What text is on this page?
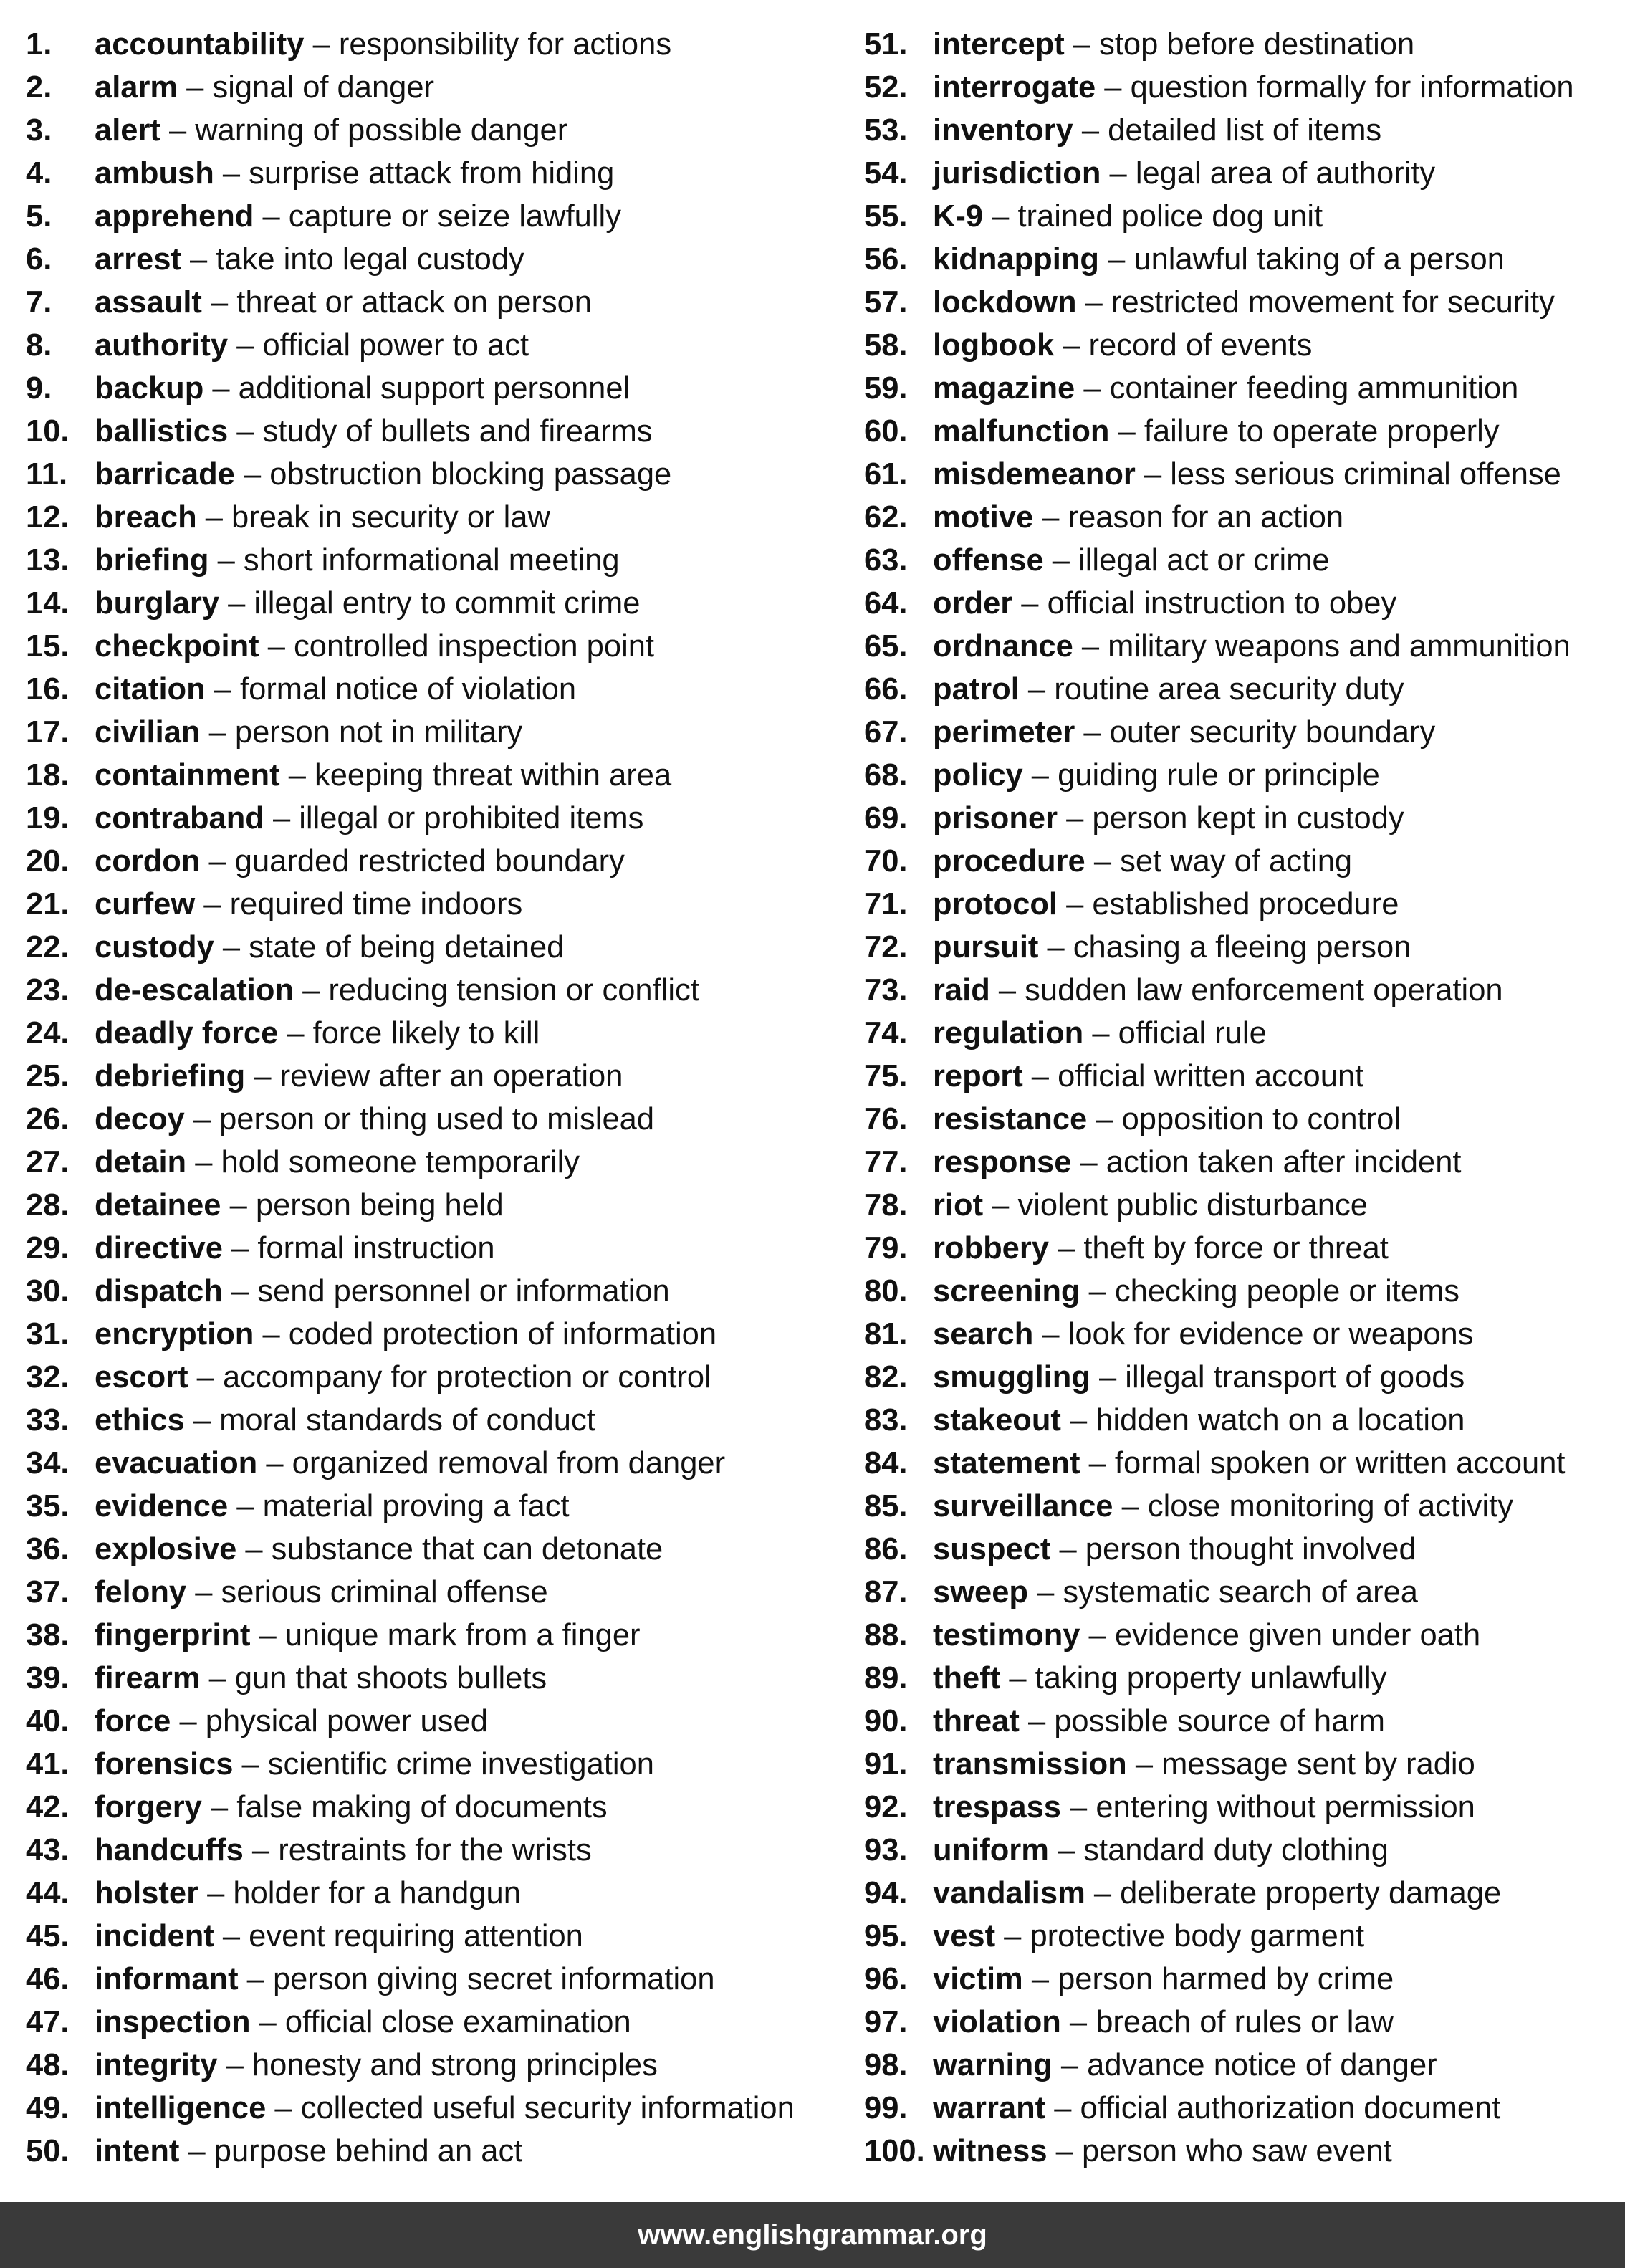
1. accountability – responsibility for actions
2. alarm – signal of danger
3. alert – warning of possible danger
4. ambush – surprise attack from hiding
5. apprehend – capture or seize lawfully
6. arrest – take into legal custody
7. assault – threat or attack on person
8. authority – official power to act
9. backup – additional support personnel
10. ballistics – study of bullets and firearms
11. barricade – obstruction blocking passage
12. breach – break in security or law
13. briefing – short informational meeting
14. burglary – illegal entry to commit crime
15. checkpoint – controlled inspection point
16. citation – formal notice of violation
17. civilian – person not in military
18. containment – keeping threat within area
19. contraband – illegal or prohibited items
20. cordon – guarded restricted boundary
21. curfew – required time indoors
22. custody – state of being detained
23. de-escalation – reducing tension or conflict
24. deadly force – force likely to kill
25. debriefing – review after an operation
26. decoy – person or thing used to mislead
27. detain – hold someone temporarily
28. detainee – person being held
29. directive – formal instruction
30. dispatch – send personnel or information
31. encryption – coded protection of information
32. escort – accompany for protection or control
33. ethics – moral standards of conduct
34. evacuation – organized removal from danger
35. evidence – material proving a fact
36. explosive – substance that can detonate
37. felony – serious criminal offense
38. fingerprint – unique mark from a finger
39. firearm – gun that shoots bullets
40. force – physical power used
41. forensics – scientific crime investigation
42. forgery – false making of documents
43. handcuffs – restraints for the wrists
44. holster – holder for a handgun
45. incident – event requiring attention
46. informant – person giving secret information
47. inspection – official close examination
48. integrity – honesty and strong principles
49. intelligence – collected useful security information
50. intent – purpose behind an act
51. intercept – stop before destination
52. interrogate – question formally for information
53. inventory – detailed list of items
54. jurisdiction – legal area of authority
55. K-9 – trained police dog unit
56. kidnapping – unlawful taking of a person
57. lockdown – restricted movement for security
58. logbook – record of events
59. magazine – container feeding ammunition
60. malfunction – failure to operate properly
61. misdemeanor – less serious criminal offense
62. motive – reason for an action
63. offense – illegal act or crime
64. order – official instruction to obey
65. ordnance – military weapons and ammunition
66. patrol – routine area security duty
67. perimeter – outer security boundary
68. policy – guiding rule or principle
69. prisoner – person kept in custody
70. procedure – set way of acting
71. protocol – established procedure
72. pursuit – chasing a fleeing person
73. raid – sudden law enforcement operation
74. regulation – official rule
75. report – official written account
76. resistance – opposition to control
77. response – action taken after incident
78. riot – violent public disturbance
79. robbery – theft by force or threat
80. screening – checking people or items
81. search – look for evidence or weapons
82. smuggling – illegal transport of goods
83. stakeout – hidden watch on a location
84. statement – formal spoken or written account
85. surveillance – close monitoring of activity
86. suspect – person thought involved
87. sweep – systematic search of area
88. testimony – evidence given under oath
89. theft – taking property unlawfully
90. threat – possible source of harm
91. transmission – message sent by radio
92. trespass – entering without permission
93. uniform – standard duty clothing
94. vandalism – deliberate property damage
95. vest – protective body garment
96. victim – person harmed by crime
97. violation – breach of rules or law
98. warning – advance notice of danger
99. warrant – official authorization document
100. witness – person who saw event
www.englishgrammar.org
